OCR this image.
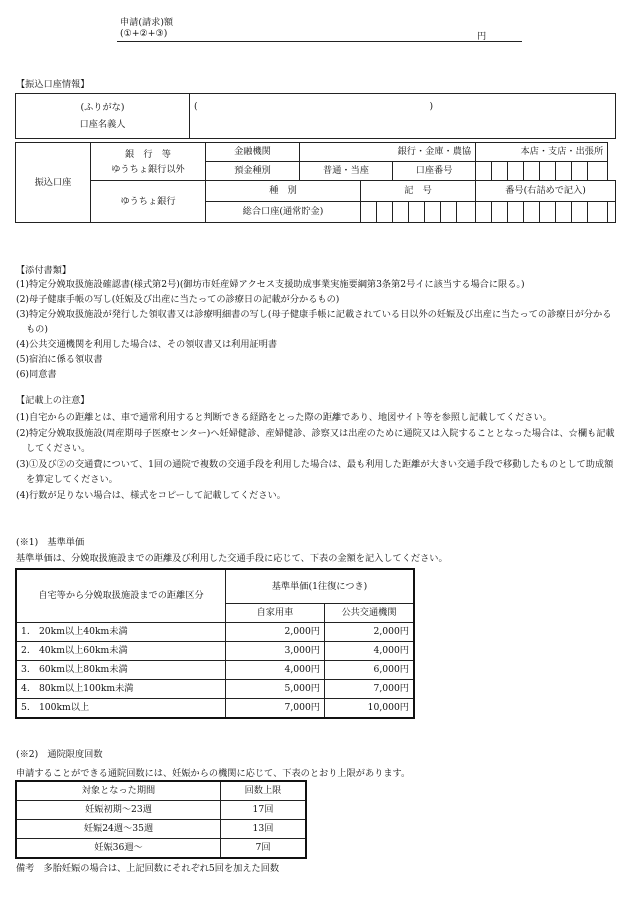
申請(請求)額
(①+②+③)	円
【振込口座情報】
(ふりがな)
口座名義人
	(	)
振込口座	銀　行　等
ゆうちょ銀行以外	金融機関	銀行・金庫・農協								本店・支店・出張所								
		預金種別	普通・当座			口座番号													
	ゆうちょ銀行	種　別		記　号							番号(右詰めで記入)								
		総合口座(通常貯金)																	
【添付書類】
(1)特定分娩取扱施設確認書(様式第2号)(御坊市妊産婦アクセス支援助成事業実施要綱第3条第2号イに該当する場合に限る。)
(2)母子健康手帳の写し(妊娠及び出産に当たっての診療日の記載が分かるもの)
(3)特定分娩取扱施設が発行した領収書又は診療明細書の写し(母子健康手帳に記載されている日以外の妊娠及び出産に当たっての診療日が分かるもの)
(4)公共交通機関を利用した場合は、その領収書又は利用証明書
(5)宿泊に係る領収書
(6)同意書
【記載上の注意】
(1)自宅からの距離とは、車で通常利用すると判断できる経路をとった際の距離であり、地図サイト等を参照し記載してください。
(2)特定分娩取扱施設(周産期母子医療センター)へ妊婦健診、産婦健診、診察又は出産のために通院又は入院することとなった場合は、☆欄も記載してください。
(3)①及び②の交通費について、1回の通院で複数の交通手段を利用した場合は、最も利用した距離が大きい交通手段で移動したものとして助成額を算定してください。
(4)行数が足りない場合は、様式をコピーして記載してください。
(※1)　基準単価
基準単価は、分娩取扱施設までの距離及び利用した交通手段に応じて、下表の金額を記入してください。
自宅等から分娩取扱施設までの距離区分	基準単価(1往復につき)	
	自家用車	公共交通機関
1.　20km以上40km未満	2,000円	2,000円
2.　40km以上60km未満	3,000円	4,000円
3.　60km以上80km未満	4,000円	6,000円
4.　80km以上100km未満	5,000円	7,000円
5.　100km以上	7,000円	10,000円
(※2)　通院限度回数
申請することができる通院回数には、妊娠からの機関に応じて、下表のとおり上限があります。
対象となった期間	回数上限
妊娠初期～23週	17回
妊娠24週～35週	13回
妊娠36週～	7回
備考　多胎妊娠の場合は、上記回数にそれぞれ5回を加えた回数
